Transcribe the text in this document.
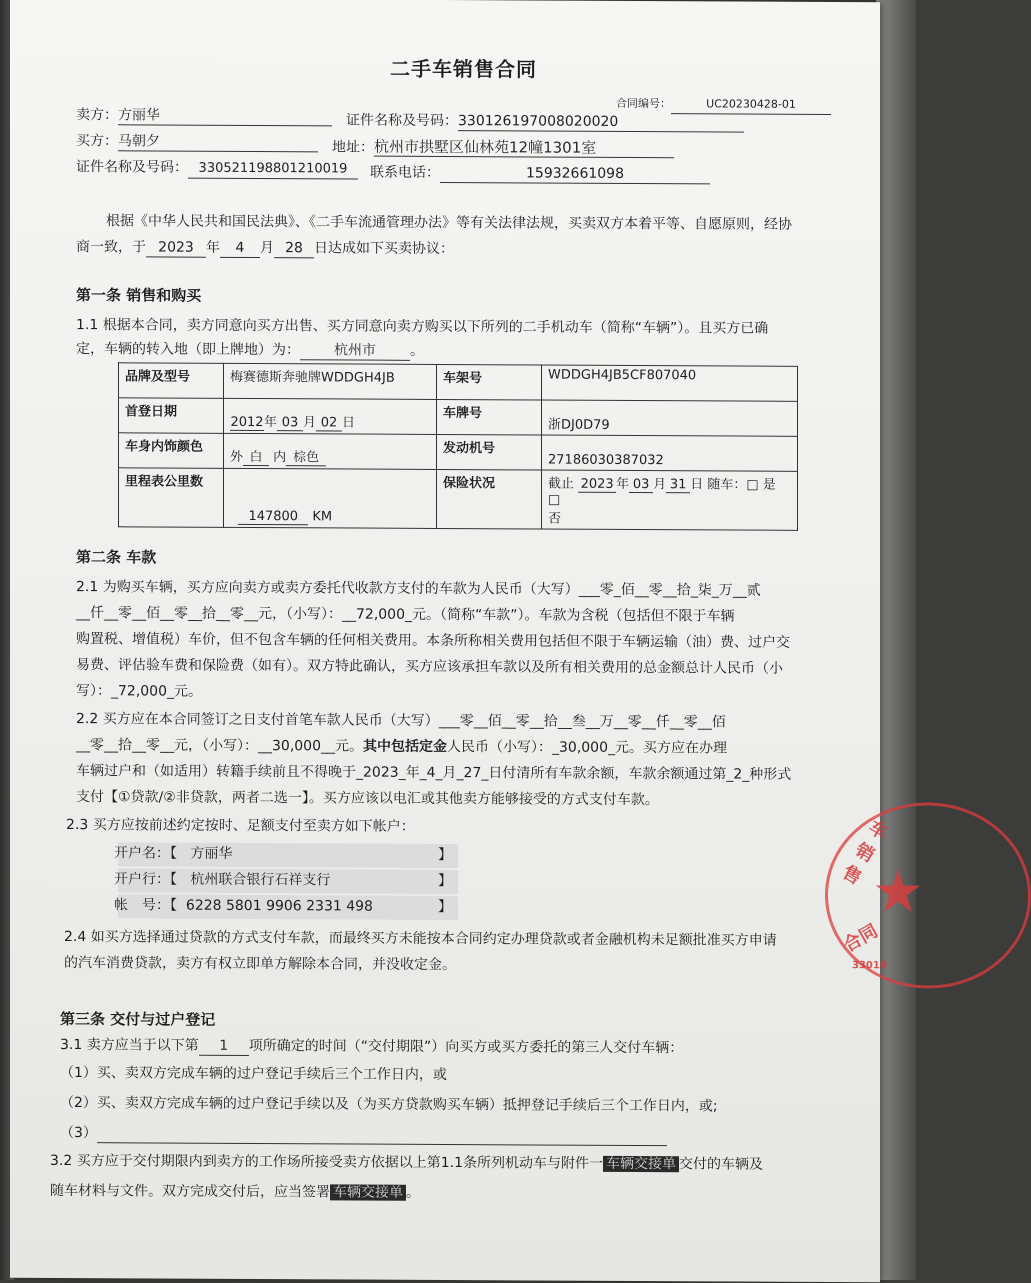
二手车销售合同
合同编号：	UC20230428-01
卖方：方丽华	证件名称及号码：330126197008020020
买方：马朝夕	地址：杭州市拱墅区仙林苑12幢1301室
证件名称及号码： 330521198801210019	联系电话：	15932661098
根据《中华人民共和国民法典》、《二手车流通管理办法》等有关法律法规，买卖双方本着平等、自愿原则，经协
商一致，于 2023 年 4 月 28 日达成如下买卖协议：
第一条 销售和购买
1.1 根据本合同，卖方同意向买方出售、买方同意向卖方购买以下所列的二手机动车（简称“车辆”）。且买方已确
定，车辆的转入地（即上牌地）为： 杭州市 。
品牌及型号	梅赛德斯奔驰牌WDDGH4JB	车架号	WDDGH4JB5CF807040
首登日期	2012年 03 月 02 日	车牌号	浙DJ0D79
车身内饰颜色	外 白 内 棕色	发动机号	27186030387032
里程表公里数	147800 KM	保险状况	截止 2023 年 03 月 31 日 随车：□ 是 □
否
第二条 车款
2.1 为购买车辆，买方应向卖方或卖方委托代收款方支付的车款为人民币（大写）___零_佰__零__拾_柒_万__贰
__仟__零__佰__零__拾__零__元，（小写）：__72,000_元。（简称“车款”）。车款为含税（包括但不限于车辆
购置税、增值税）车价，但不包含车辆的任何相关费用。本条所称相关费用包括但不限于车辆运输（油）费、过户交
易费、评估验车费和保险费（如有）。双方特此确认，买方应该承担车款以及所有相关费用的总金额总计人民币（小
写）：_72,000_元。
2.2 买方应在本合同签订之日支付首笔车款人民币（大写）___零__佰__零__拾__叁__万__零__仟__零__佰
__零__拾__零__元，（小写）：__30,000__元。其中包括定金人民币（小写）：_30,000_元。买方应在办理
车辆过户和（如适用）转籍手续前且不得晚于_2023_年_4_月_27_日付清所有车款余额，车款余额通过第_2_种形式
支付【①贷款/②非贷款，两者二选一】。买方应该以电汇或其他卖方能够接受的方式支付车款。
2.3 买方应按前述约定按时、足额支付至卖方如下帐户：
开户名：【 方丽华	】
开户行：【 杭州联合银行石祥支行	】
帐　号：【 6228 5801 9906 2331 498	】
2.4 如买方选择通过贷款的方式支付车款，而最终买方未能按本合同约定办理贷款或者金融机构未足额批准买方申请
的汽车消费贷款，卖方有权立即单方解除本合同，并没收定金。
第三条 交付与过户登记
3.1 卖方应当于以下第 1 项所确定的时间（“交付期限”）向买方或买方委托的第三人交付车辆：
（1）买、卖双方完成车辆的过户登记手续后三个工作日内，或
（2）买、卖双方完成车辆的过户登记手续以及（为买方贷款购买车辆）抵押登记手续后三个工作日内，或;
（3）
3.2 买方应于交付期限内到卖方的工作场所接受卖方依据以上第1.1条所列机动车与附件一 车辆交接单 交付的车辆及
随车材料与文件。双方完成交付后，应当签署 车辆交接单 。
★
车销售
合同
33010
